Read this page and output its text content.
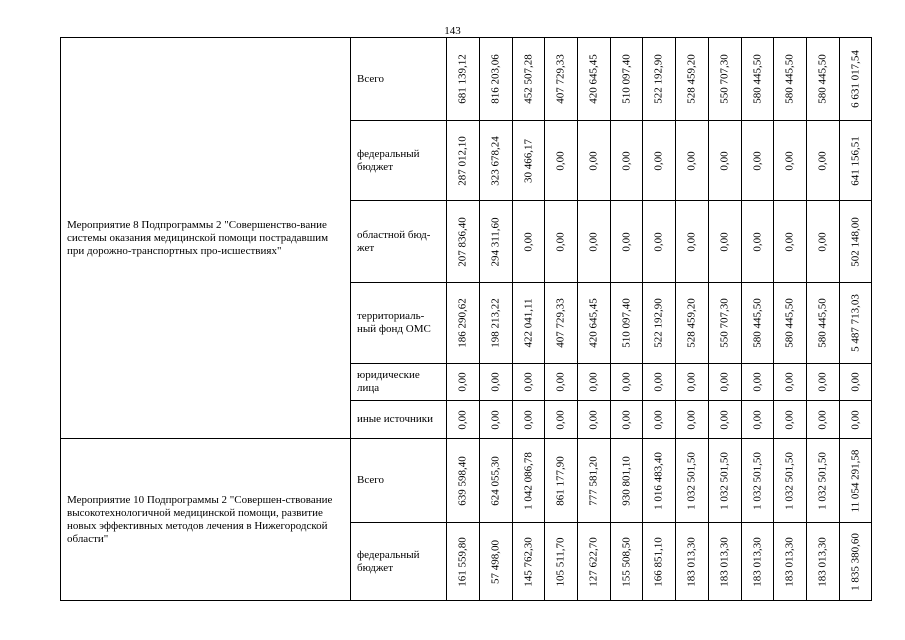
143
Мероприятие 8 Подпрограммы 2 "Совершенство-вание системы оказания медицинской помощи пострадавшим при дорожно-транспортных про-исшествиях"	Всего	681 139,12	816 203,06	452 507,28	407 729,33	420 645,45	510 097,40	522 192,90	528 459,20	550 707,30	580 445,50	580 445,50	580 445,50	6 631 017,54

	федеральный бюджет	287 012,10	323 678,24	30 466,17	0,00	0,00	0,00	0,00	0,00	0,00	0,00	0,00	0,00	641 156,51

	областной бюд-жет	207 836,40	294 311,60	0,00	0,00	0,00	0,00	0,00	0,00	0,00	0,00	0,00	0,00	502 148,00

	территориаль-ный фонд ОМС	186 290,62	198 213,22	422 041,11	407 729,33	420 645,45	510 097,40	522 192,90	528 459,20	550 707,30	580 445,50	580 445,50	580 445,50	5 487 713,03

	юридические лица	0,00	0,00	0,00	0,00	0,00	0,00	0,00	0,00	0,00	0,00	0,00	0,00	0,00

	иные источники	0,00	0,00	0,00	0,00	0,00	0,00	0,00	0,00	0,00	0,00	0,00	0,00	0,00

Мероприятие 10 Подпрограммы 2 "Совершен-ствование высокотехнологичной медицинской помощи, развитие новых эффективных методов лечения в Нижегородской области"	Всего	639 598,40	624 055,30	1 042 086,78	861 177,90	777 581,20	930 801,10	1 016 483,40	1 032 501,50	1 032 501,50	1 032 501,50	1 032 501,50	1 032 501,50	11 054 291,58

	федеральный бюджет	161 559,80	57 498,00	145 762,30	105 511,70	127 622,70	155 508,50	166 851,10	183 013,30	183 013,30	183 013,30	183 013,30	183 013,30	1 835 380,60
